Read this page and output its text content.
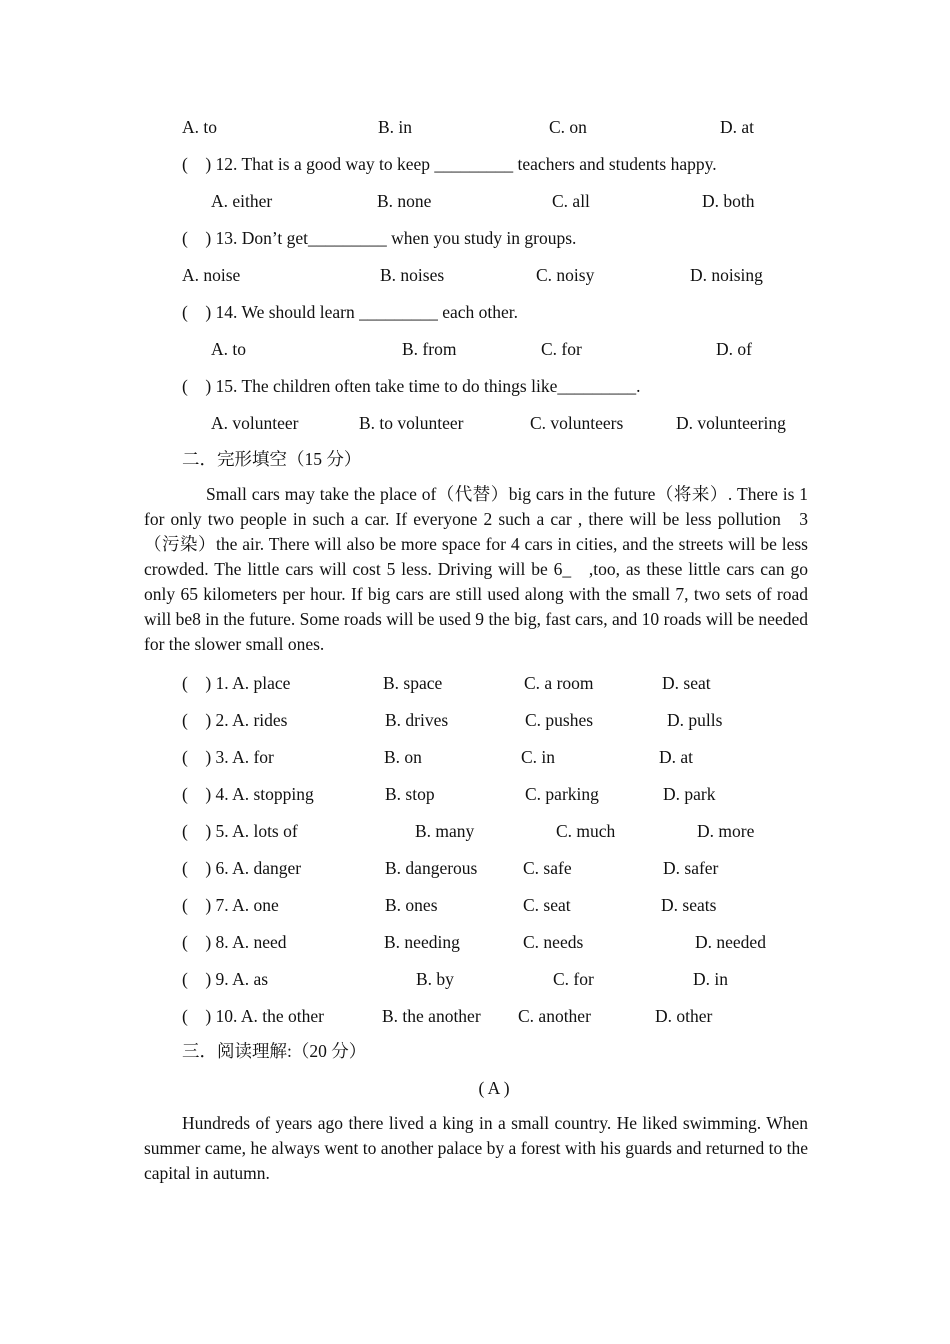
A. to	B. in	C. on	D. at
(    ) 12. That is a good way to keep _________ teachers and students happy.
A. either	B. none	C. all	D. both
(    ) 13. Don’t get_________ when you study in groups.
A. noise	B. noises	C. noisy	D. noising
(    ) 14. We should learn _________ each other.
A. to	B. from	C. for	D. of
(    ) 15. The children often take time to do things like_________.
A. volunteer	B. to volunteer	C. volunteers	D. volunteering
二．完形填空（15 分）
Small cars may take the place of（代替）big cars in the future（将来）. There is 1 for only two people in such a car. If everyone 2 such a car , there will be less pollution   3 （污染）the air. There will also be more space for 4 cars in cities, and the streets will be less crowded. The little cars will cost 5 less. Driving will be 6_   ,too, as these little cars can go only 65 kilometers per hour. If big cars are still used along with the small 7, two sets of road will be8 in the future. Some roads will be used 9 the big, fast cars, and 10 roads will be needed for the slower small ones.
(    ) 1. A. place	B. space	C. a room	D. seat
(    ) 2. A. rides	B. drives	C. pushes	D. pulls
(    ) 3. A. for	B. on	C. in	D. at
(    ) 4. A. stopping	B. stop	C. parking	D. park
(    ) 5. A. lots of	B. many	C. much	D. more
(    ) 6. A. danger	B. dangerous	C. safe	D. safer
(    ) 7. A. one	B. ones	C. seat	D. seats
(    ) 8. A. need	B. needing	C. needs	D. needed
(    ) 9. A. as	B. by	C. for	D. in
(    ) 10. A. the other	B. the another C. another	D. other
三．阅读理解:（20 分）
( A )
Hundreds of years ago there lived a king in a small country. He liked swimming. When summer came, he always went to another palace by a forest with his guards and returned to the capital in autumn.
